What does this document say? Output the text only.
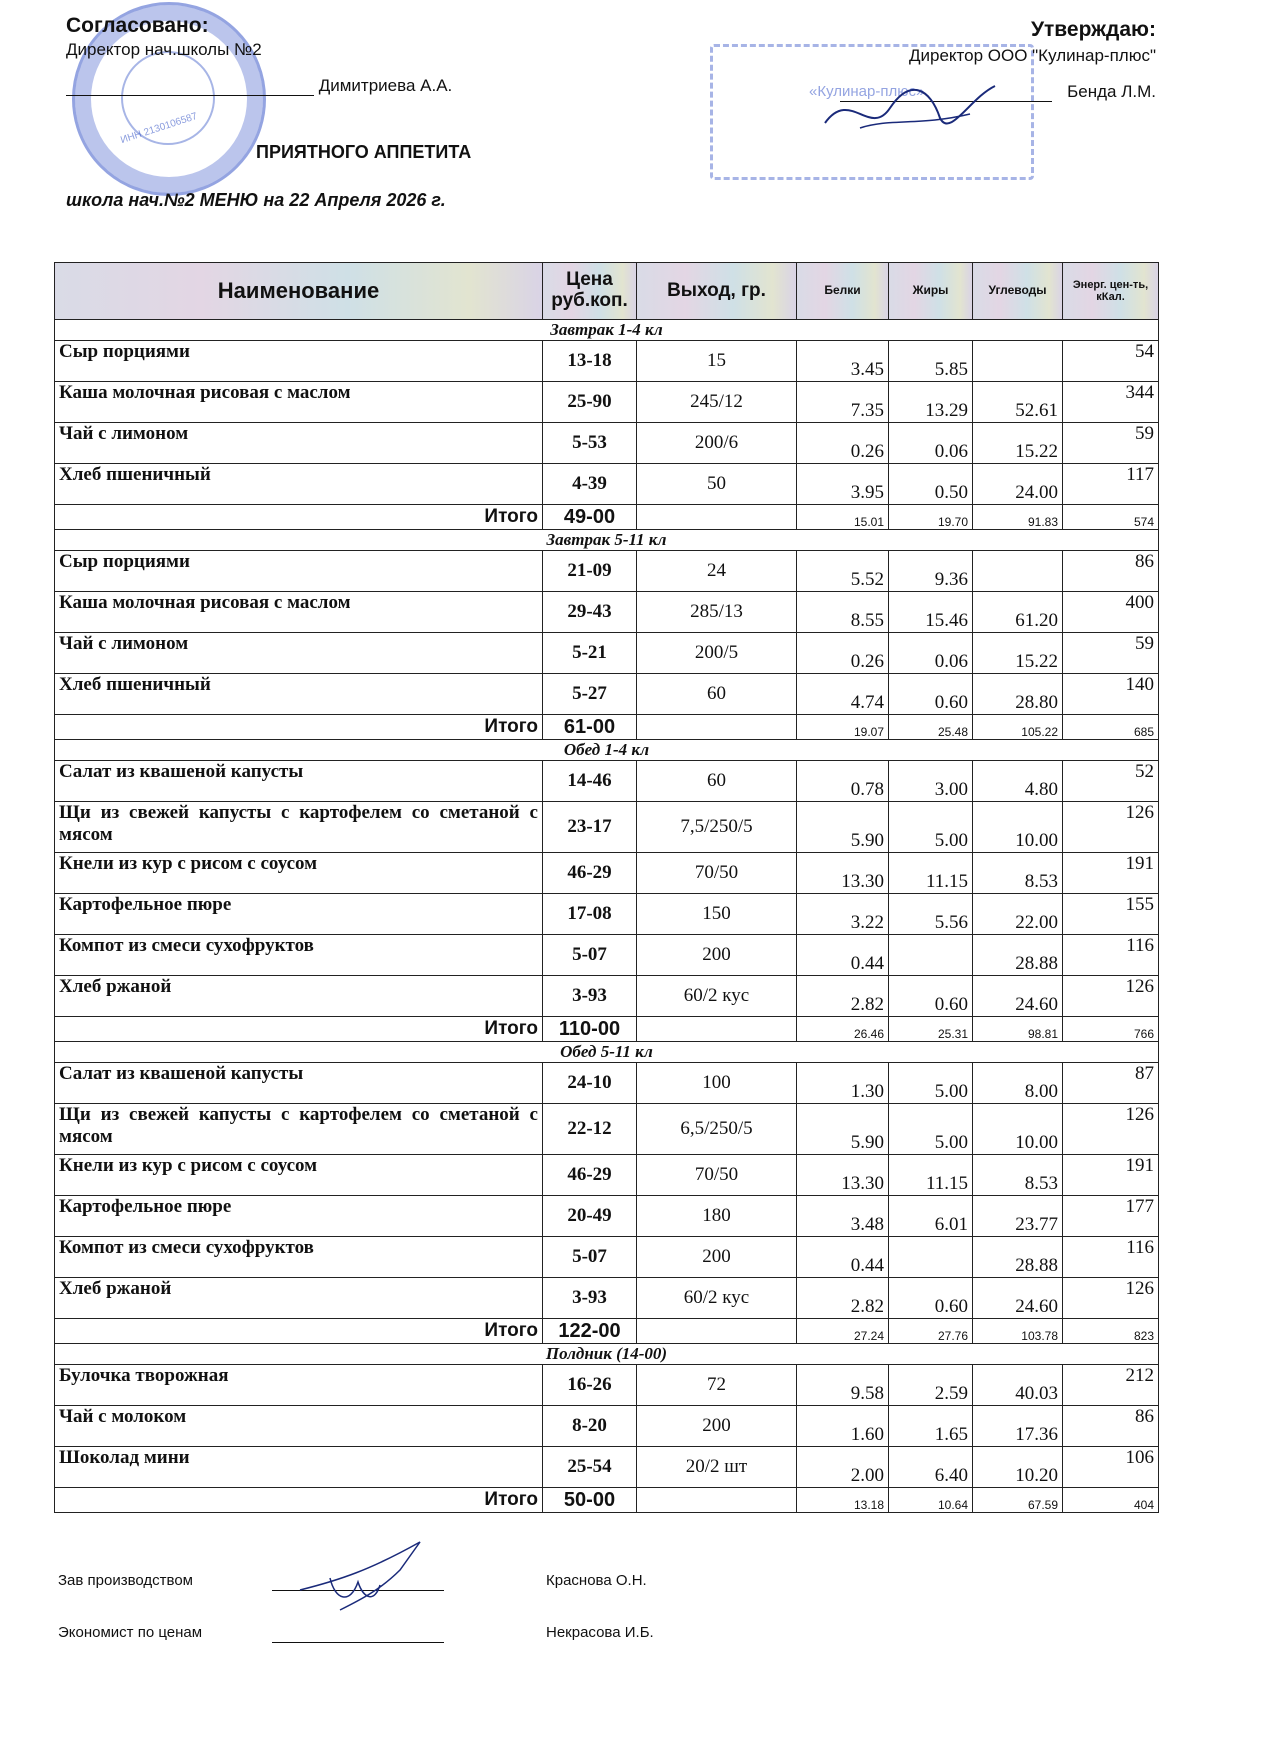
ИНН 2130106587
«Кулинар-плюс»
Согласовано:
Директор нач.школы №2
Димитриева А.А.
ПРИЯТНОГО АППЕТИТА
школа нач.№2 МЕНЮ на 22 Апреля 2026 г.
Утверждаю:
Директор ООО "Кулинар-плюс"
Бенда Л.М.
Наименование	Цена руб.коп.	Выход, гр.	Белки	Жиры	Углеводы	Энерг. цен-ть, кКал.
Завтрак 1-4 кл						
Сыр порциями	13-18	15	3.45	5.85		54
Каша молочная рисовая с маслом	25-90	245/12	7.35	13.29	52.61	344
Чай с лимоном	5-53	200/6	0.26	0.06	15.22	59
Хлеб пшеничный	4-39	50	3.95	0.50	24.00	117
Итого	49-00		15.01	19.70	91.83	574
Завтрак 5-11 кл						
Сыр порциями	21-09	24	5.52	9.36		86
Каша молочная рисовая с маслом	29-43	285/13	8.55	15.46	61.20	400
Чай с лимоном	5-21	200/5	0.26	0.06	15.22	59
Хлеб пшеничный	5-27	60	4.74	0.60	28.80	140
Итого	61-00		19.07	25.48	105.22	685
Обед 1-4 кл						
Салат из квашеной капусты	14-46	60	0.78	3.00	4.80	52
Щи из свежей капусты с картофелем со сметаной с мясом	23-17	7,5/250/5	5.90	5.00	10.00	126
Кнели из кур с рисом с соусом	46-29	70/50	13.30	11.15	8.53	191
Картофельное пюре	17-08	150	3.22	5.56	22.00	155
Компот из смеси сухофруктов	5-07	200	0.44		28.88	116
Хлеб ржаной	3-93	60/2 кус	2.82	0.60	24.60	126
Итого	110-00		26.46	25.31	98.81	766
Обед 5-11 кл						
Салат из квашеной капусты	24-10	100	1.30	5.00	8.00	87
Щи из свежей капусты с картофелем со сметаной с мясом	22-12	6,5/250/5	5.90	5.00	10.00	126
Кнели из кур с рисом с соусом	46-29	70/50	13.30	11.15	8.53	191
Картофельное пюре	20-49	180	3.48	6.01	23.77	177
Компот из смеси сухофруктов	5-07	200	0.44		28.88	116
Хлеб ржаной	3-93	60/2 кус	2.82	0.60	24.60	126
Итого	122-00		27.24	27.76	103.78	823
Полдник (14-00)						
Булочка творожная	16-26	72	9.58	2.59	40.03	212
Чай с молоком	8-20	200	1.60	1.65	17.36	86
Шоколад мини	25-54	20/2 шт	2.00	6.40	10.20	106
Итого	50-00		13.18	10.64	67.59	404
Зав производством	Краснова О.Н.
Экономист по ценам	Некрасова И.Б.
